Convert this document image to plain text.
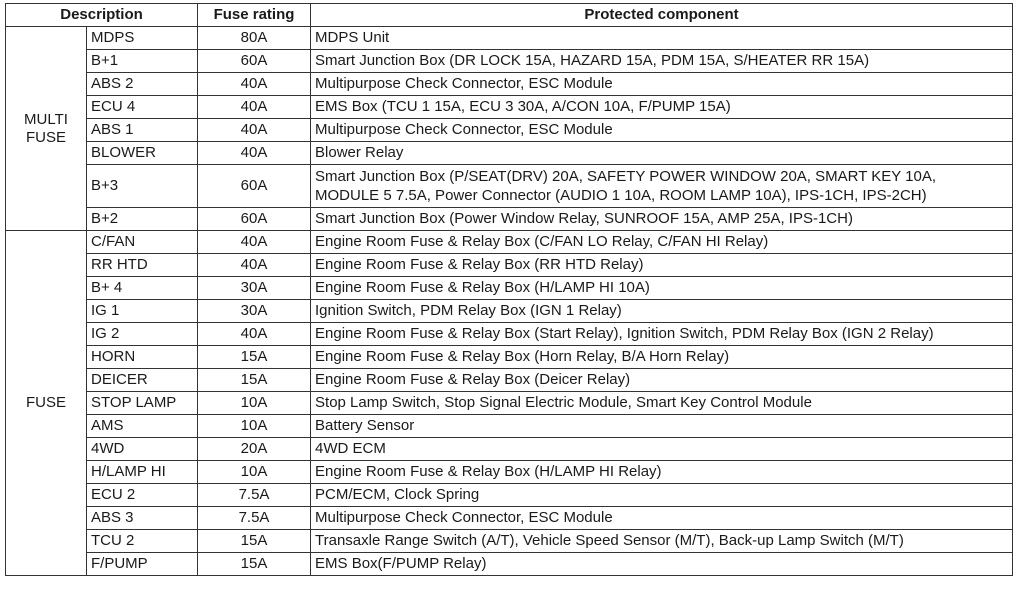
Description		Fuse rating	Protected component

MULTI
FUSE	MDPS	80A	MDPS Unit
	B+1	60A	Smart Junction Box (DR LOCK 15A, HAZARD 15A, PDM 15A, S/HEATER RR 15A)
	ABS 2	40A	Multipurpose Check Connector, ESC Module
	ECU 4	40A	EMS Box (TCU 1 15A, ECU 3 30A, A/CON 10A, F/PUMP 15A)
	ABS 1	40A	Multipurpose Check Connector, ESC Module
	BLOWER	40A	Blower Relay
	B+3	60A	Smart Junction Box (P/SEAT(DRV) 20A, SAFETY POWER WINDOW 20A, SMART KEY 10A,
MODULE 5 7.5A, Power Connector (AUDIO 1 10A, ROOM LAMP 10A), IPS-1CH, IPS-2CH)

	B+2	60A	Smart Junction Box (Power Window Relay, SUNROOF 15A, AMP 25A, IPS-1CH)

FUSE	C/FAN	40A	Engine Room Fuse & Relay Box (C/FAN LO Relay, C/FAN HI Relay)
	RR HTD	40A	Engine Room Fuse & Relay Box (RR HTD Relay)
	B+ 4	30A	Engine Room Fuse & Relay Box (H/LAMP HI 10A)
	IG 1	30A	Ignition Switch, PDM Relay Box (IGN 1 Relay)
	IG 2	40A	Engine Room Fuse & Relay Box (Start Relay), Ignition Switch, PDM Relay Box (IGN 2 Relay)
	HORN	15A	Engine Room Fuse & Relay Box (Horn Relay, B/A Horn Relay)
	DEICER	15A	Engine Room Fuse & Relay Box (Deicer Relay)
	STOP LAMP	10A	Stop Lamp Switch, Stop Signal Electric Module, Smart Key Control Module
	AMS	10A	Battery Sensor
	4WD	20A	4WD ECM
	H/LAMP HI	10A	Engine Room Fuse & Relay Box (H/LAMP HI Relay)
	ECU 2	7.5A	PCM/ECM, Clock Spring
	ABS 3	7.5A	Multipurpose Check Connector, ESC Module
	TCU 2	15A	Transaxle Range Switch (A/T), Vehicle Speed Sensor (M/T), Back-up Lamp Switch (M/T)
	F/PUMP	15A	EMS Box(F/PUMP Relay)
